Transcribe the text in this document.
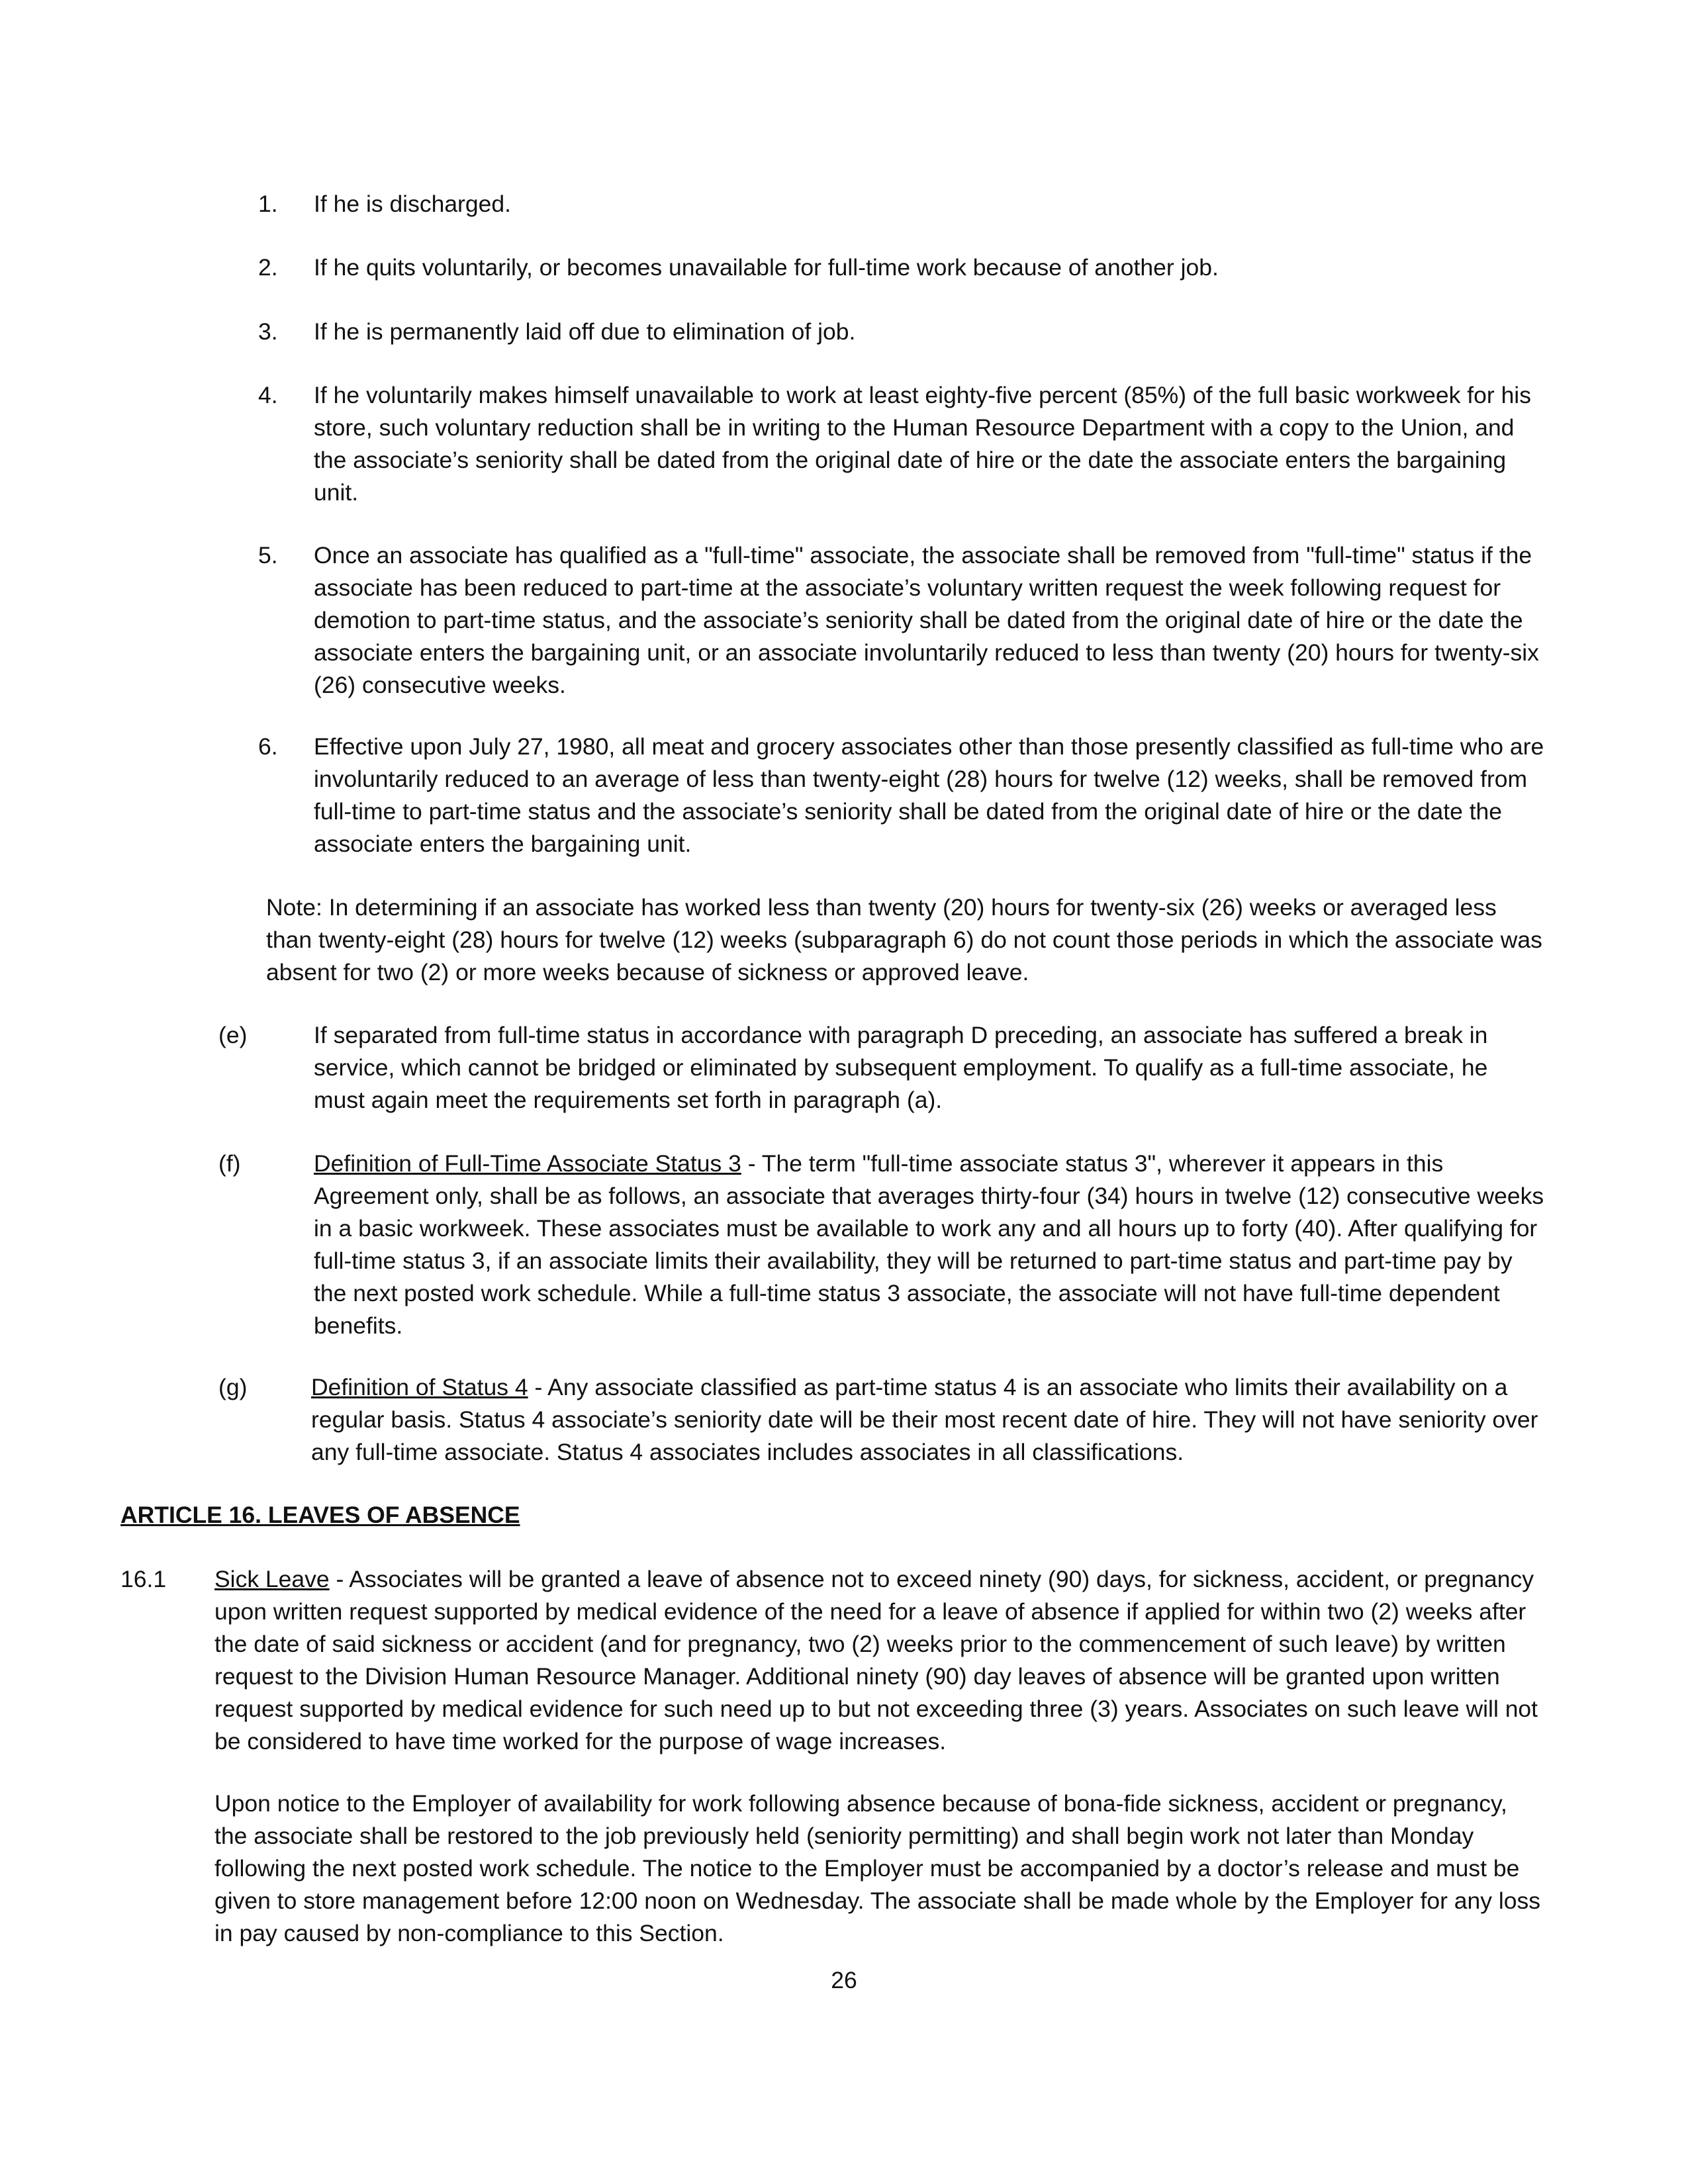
1. If he is discharged.

2. If he quits voluntarily, or becomes unavailable for full-time work because of another job.

3. If he is permanently laid off due to elimination of job.

4. If he voluntarily makes himself unavailable to work at least eighty-five percent (85%) of the full basic workweek for his store, such voluntary reduction shall be in writing to the Human Resource Department with a copy to the Union, and the associate’s seniority shall be dated from the original date of hire or the date the associate enters the bargaining unit.

5. Once an associate has qualified as a "full-time" associate, the associate shall be removed from "full-time" status if the associate has been reduced to part-time at the associate’s voluntary written request the week following request for demotion to part-time status, and the associate’s seniority shall be dated from the original date of hire or the date the associate enters the bargaining unit, or an associate involuntarily reduced to less than twenty (20) hours for twenty-six (26) consecutive weeks.

6. Effective upon July 27, 1980, all meat and grocery associates other than those presently classified as full-time who are involuntarily reduced to an average of less than twenty-eight (28) hours for twelve (12) weeks, shall be removed from full-time to part-time status and the associate’s seniority shall be dated from the original date of hire or the date the associate enters the bargaining unit.

Note: In determining if an associate has worked less than twenty (20) hours for twenty-six (26) weeks or averaged less than twenty-eight (28) hours for twelve (12) weeks (subparagraph 6) do not count those periods in which the associate was absent for two (2) or more weeks because of sickness or approved leave.

(e)	If separated from full-time status in accordance with paragraph D preceding, an associate has suffered a break in service, which cannot be bridged or eliminated by subsequent employment. To qualify as a full-time associate, he must again meet the requirements set forth in paragraph (a).

(f)	Definition of Full-Time Associate Status 3 - The term "full-time associate status 3", wherever it appears in this Agreement only, shall be as follows, an associate that averages thirty-four (34) hours in twelve (12) consecutive weeks in a basic workweek. These associates must be available to work any and all hours up to forty (40). After qualifying for full-time status 3, if an associate limits their availability, they will be returned to part-time status and part-time pay by the next posted work schedule. While a full-time status 3 associate, the associate will not have full-time dependent benefits.

(g)	Definition of Status 4 - Any associate classified as part-time status 4 is an associate who limits their availability on a regular basis. Status 4 associate’s seniority date will be their most recent date of hire. They will not have seniority over any full-time associate. Status 4 associates includes associates in all classifications.

ARTICLE 16. LEAVES OF ABSENCE

16.1 Sick Leave - Associates will be granted a leave of absence not to exceed ninety (90) days, for sickness, accident, or pregnancy upon written request supported by medical evidence of the need for a leave of absence if applied for within two (2) weeks after the date of said sickness or accident (and for pregnancy, two (2) weeks prior to the commencement of such leave) by written request to the Division Human Resource Manager. Additional ninety (90) day leaves of absence will be granted upon written request supported by medical evidence for such need up to but not exceeding three (3) years. Associates on such leave will not be considered to have time worked for the purpose of wage increases.

Upon notice to the Employer of availability for work following absence because of bona-fide sickness, accident or pregnancy, the associate shall be restored to the job previously held (seniority permitting) and shall begin work not later than Monday following the next posted work schedule. The notice to the Employer must be accompanied by a doctor’s release and must be given to store management before 12:00 noon on Wednesday. The associate shall be made whole by the Employer for any loss in pay caused by non-compliance to this Section.

26
